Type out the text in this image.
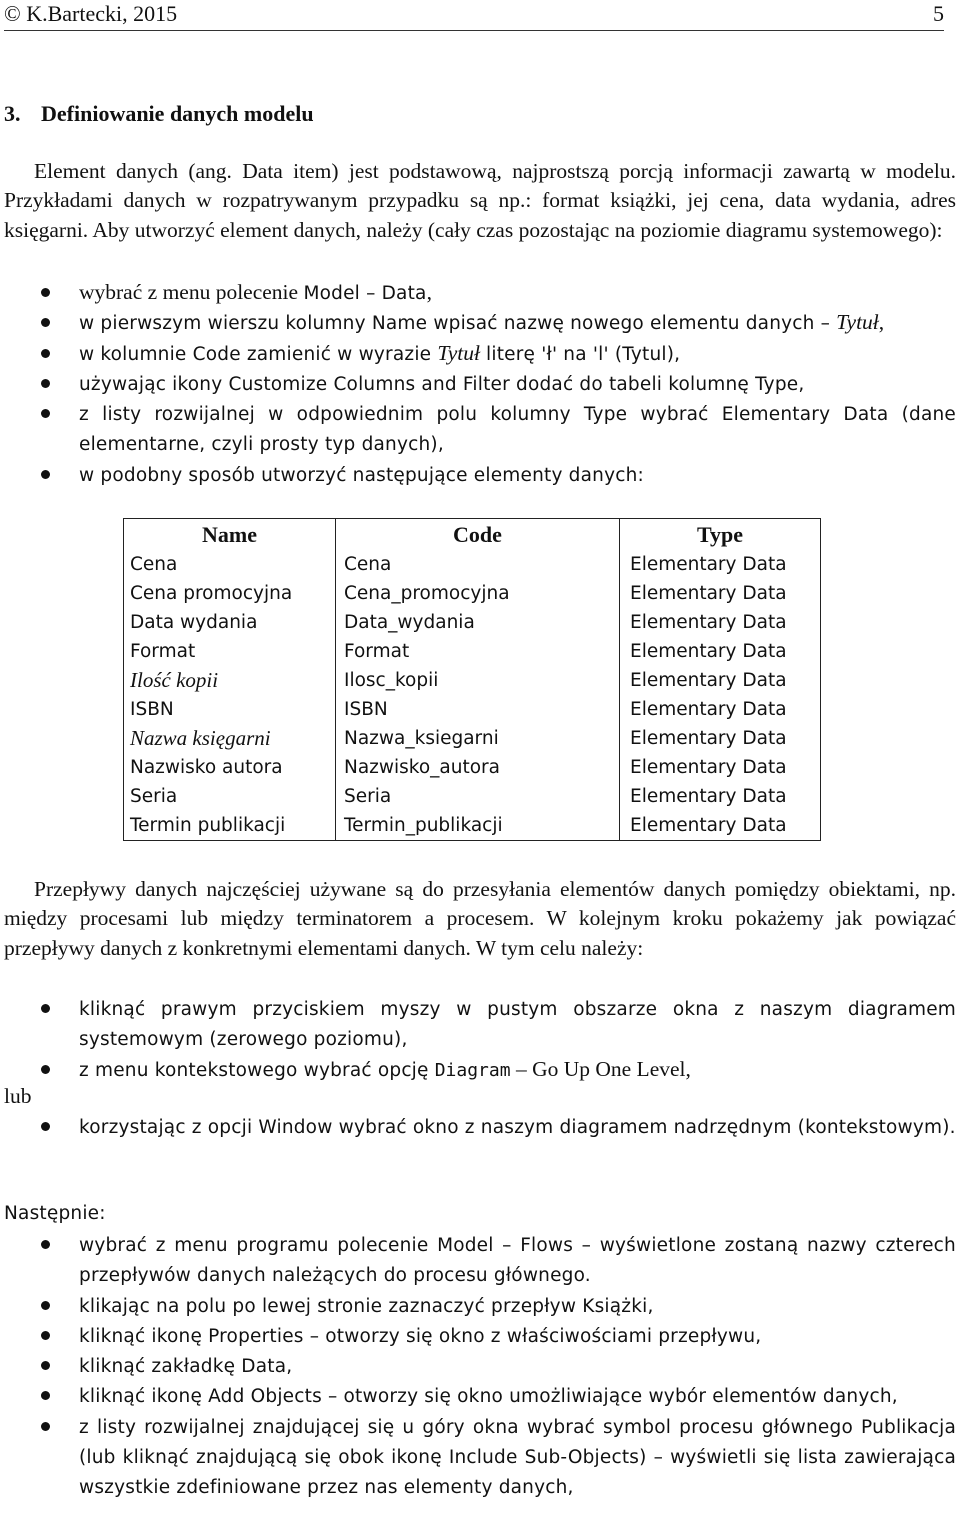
© K.Bartecki, 2015	5
3. Definiowanie danych modelu

Element danych (ang. Data item) jest podstawową, najprostszą porcją informacji zawartą w modelu. Przykładami danych w rozpatrywanym przypadku są np.: format książki, jej cena, data wydania, adres księgarni. Aby utworzyć element danych, należy (cały czas pozostając na poziomie diagramu systemowego):

wybrać z menu polecenie Model – Data,
w pierwszym wierszu kolumny Name wpisać nazwę nowego elementu danych – Tytuł,
w kolumnie Code zamienić w wyrazie Tytuł literę 'ł' na 'l' (Tytul),
używając ikony Customize Columns and Filter dodać do tabeli kolumnę Type,
z listy rozwijalnej w odpowiednim polu kolumny Type wybrać Elementary Data (dane elementarne, czyli prosty typ danych),
w podobny sposób utworzyć następujące elementy danych:
Name	Code	Type
Cena	Cena	Elementary Data
Cena promocyjna	Cena_promocyjna	Elementary Data
Data wydania	Data_wydania	Elementary Data
Format	Format	Elementary Data
Ilość kopii	Ilosc_kopii	Elementary Data
ISBN	ISBN	Elementary Data
Nazwa księgarni	Nazwa_ksiegarni	Elementary Data
Nazwisko autora	Nazwisko_autora	Elementary Data
Seria	Seria	Elementary Data
Termin publikacji	Termin_publikacji	Elementary Data

Przepływy danych najczęściej używane są do przesyłania elementów danych pomiędzy obiektami, np. między procesami lub między terminatorem a procesem. W kolejnym kroku pokażemy jak powiązać przepływy danych z konkretnymi elementami danych. W tym celu należy:

kliknąć prawym przyciskiem myszy w pustym obszarze okna z naszym diagramem systemowym (zerowego poziomu),
z menu kontekstowego wybrać opcję Diagram – Go Up One Level,
lub
korzystając z opcji Window wybrać okno z naszym diagramem nadrzędnym (kontekstowym).

Następnie:

wybrać z menu programu polecenie Model – Flows – wyświetlone zostaną nazwy czterech przepływów danych należących do procesu głównego.
klikając na polu po lewej stronie zaznaczyć przepływ Książki,
kliknąć ikonę Properties – otworzy się okno z właściwościami przepływu,
kliknąć zakładkę Data,
kliknąć ikonę Add Objects – otworzy się okno umożliwiające wybór elementów danych,
z listy rozwijalnej znajdującej się u góry okna wybrać symbol procesu głównego Publikacja (lub kliknąć znajdującą się obok ikonę Include Sub-Objects) – wyświetli się lista zawierająca wszystkie zdefiniowane przez nas elementy danych,
